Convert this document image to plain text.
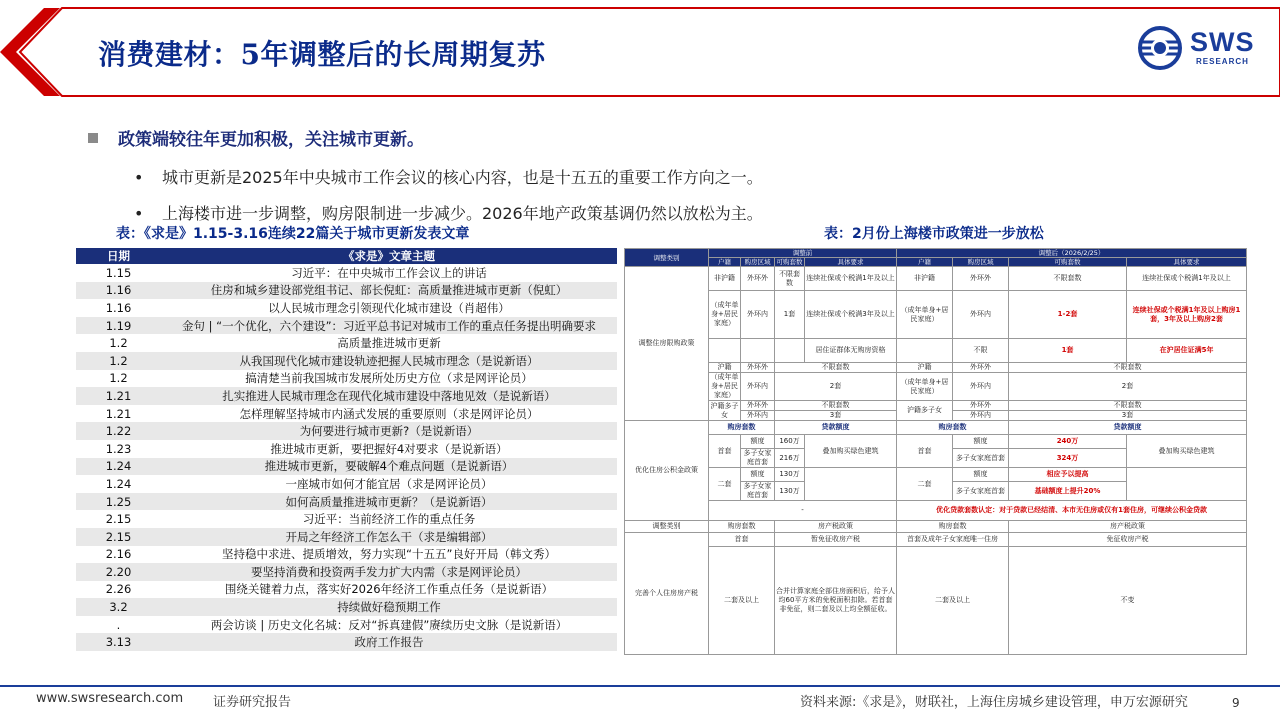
消费建材：5年调整后的长周期复苏	SWS
RESEARCH
政策端较往年更加积极，关注城市更新。
• 城市更新是2025年中央城市工作会议的核心内容，也是十五五的重要工作方向之一。
• 上海楼市进一步调整，购房限制进一步减少。2026年地产政策基调仍然以放松为主。
表：《求是》1.15-3.16连续22篇关于城市更新发表文章	表：2月份上海楼市政策进一步放松
日期	《求是》文章主题
1.15	习近平：在中央城市工作会议上的讲话
1.16	住房和城乡建设部党组书记、部长倪虹：高质量推进城市更新（倪虹）
1.16	以人民城市理念引领现代化城市建设（肖超伟）
1.19	金句 | “一个优化，六个建设”：习近平总书记对城市工作的重点任务提出明确要求
1.2	高质量推进城市更新
1.2	从我国现代化城市建设轨迹把握人民城市理念（是说新语）
1.2	搞清楚当前我国城市发展所处历史方位（求是网评论员）
1.21	扎实推进人民城市理念在现代化城市建设中落地见效（是说新语）
1.21	怎样理解坚持城市内涵式发展的重要原则（求是网评论员）
1.22	为何要进行城市更新?（是说新语）
1.23	推进城市更新，要把握好4对要求（是说新语）
1.24	推进城市更新，要破解4个难点问题（是说新语）
1.24	一座城市如何才能宜居（求是网评论员）
1.25	如何高质量推进城市更新？（是说新语）
2.15	习近平：当前经济工作的重点任务
2.15	开局之年经济工作怎么干（求是编辑部）
2.16	坚持稳中求进、提质增效，努力实现“十五五”良好开局（韩文秀）
2.20	要坚持消费和投资两手发力扩大内需（求是网评论员）
2.26	围绕关键着力点，落实好2026年经济工作重点任务（是说新语）
3.2	持续做好稳预期工作
.	两会访谈 | 历史文化名城：反对“拆真建假”赓续历史文脉（是说新语）
3.13	政府工作报告
调整类别	调整前				调整后（2026/2/25）			
	户籍	购房区域	可购套数	具体要求	户籍	购房区域	可购套数	具体要求
调整住房限购政策	非沪籍	外环外	不限套数	连续社保或个税满1年及以上	非沪籍	外环外	不限套数	连续社保或个税满1年及以上
	（成年单身+居民家庭）	外环内	1套	连续社保或个税满3年及以上	（成年单身+居民家庭）	外环内	1-2套	连续社保或个税满1年及以上购房1套，3年及以上购房2套
				居住证群体无购房资格		不限	1套	在沪居住证满5年
	沪籍	外环外	不限套数		沪籍	外环外	不限套数	
	（成年单身+居民家庭）	外环内	2套		（成年单身+居民家庭）	外环内	2套	
	沪籍多子女	外环外	不限套数		沪籍多子女	外环外	不限套数	
		外环内	3套			外环内	3套	
优化住房公积金政策	购房套数		贷款额度		购房套数		贷款额度	
	首套	额度	160万	叠加购买绿色建筑	首套	额度	240万	叠加购买绿色建筑
		多子女家庭首套	216万			多子女家庭首套	324万	
	二套	额度	130万		二套	额度	相应予以提高	
		多子女家庭首套	130万			多子女家庭首套	基础额度上提升20%	
	-				优化贷款套数认定：对于贷款已经结清、本市无住房或仅有1套住房，可继续公积金贷款			
调整类别	购房套数		房产税政策		购房套数		房产税政策	
完善个人住房房产税	首套		暂免征收房产税		首套及成年子女家庭唯一住房		免征收房产税	
	二套及以上		合并计算家庭全部住房面积后，给予人均60平方米的免税面积扣除。若首套非免征，则二套及以上均全额征收。		二套及以上		不变	
www.swsresearch.com 证券研究报告	资料来源:《求是》，财联社，上海住房城乡建设管理，申万宏源研究	9
